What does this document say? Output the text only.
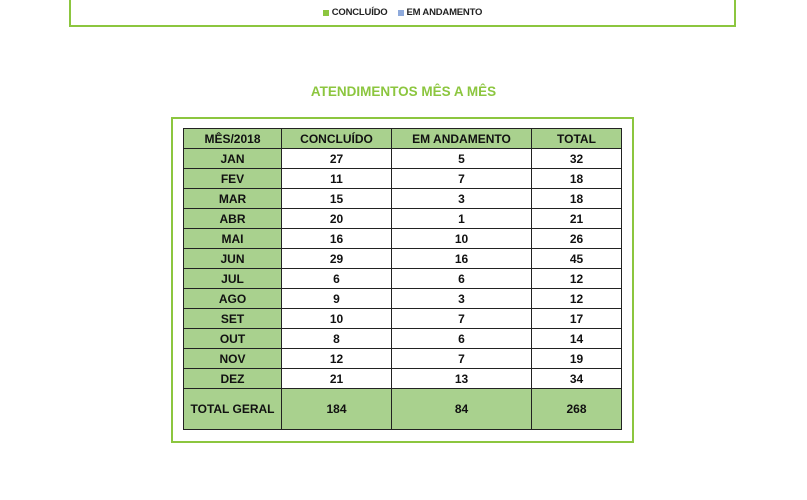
CONCLUÍDO EM ANDAMENTO
ATENDIMENTOS MÊS A MÊS
MÊS/2018	CONCLUÍDO	EM ANDAMENTO	TOTAL
JAN	27	5	32
FEV	11	7	18
MAR	15	3	18
ABR	20	1	21
MAI	16	10	26
JUN	29	16	45
JUL	6	6	12
AGO	9	3	12
SET	10	7	17
OUT	8	6	14
NOV	12	7	19
DEZ	21	13	34
TOTAL GERAL	184	84	268
